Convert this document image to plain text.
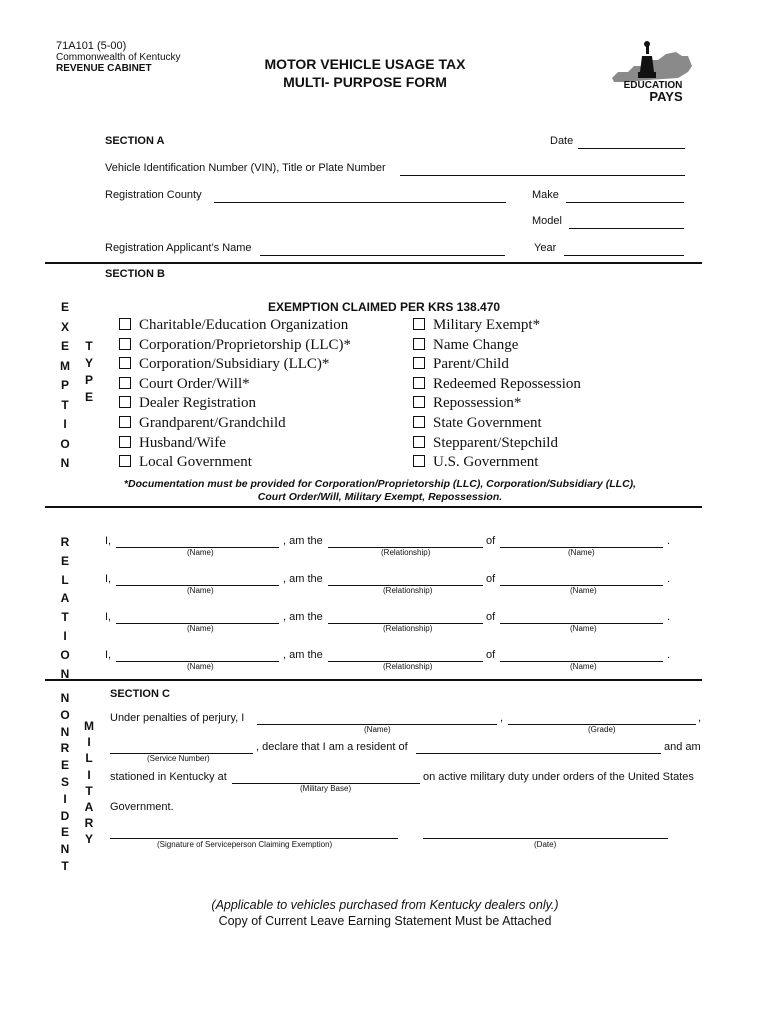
71A101 (5-00)
Commonwealth of Kentucky
REVENUE CABINET	MOTOR VEHICLE USAGE TAX
MULTI- PURPOSE FORM	EDUCATION
PAYS
SECTION A	Date
Vehicle Identification Number (VIN), Title or Plate Number
Registration County	Make
Model
Registration Applicant’s Name	Year
SECTION B
E
X
E
M
P
T
I
O
N
T
Y
P
E
EXEMPTION CLAIMED PER KRS 138.470
Charitable/Education Organization
Corporation/Proprietorship (LLC)*
Corporation/Subsidiary (LLC)*
Court Order/Will*
Dealer Registration
Grandparent/Grandchild
Husband/Wife
Local Government
Military Exempt*
Name Change
Parent/Child
Redeemed Repossession
Repossession*
State Government
Stepparent/Stepchild
U.S. Government
*Documentation must be provided for Corporation/Proprietorship (LLC), Corporation/Subsidiary (LLC),
Court Order/Will, Military Exempt, Repossession.
R
E
L
A
T
I
O
N
I,
(Name)
, am the
(Relationship)
of
(Name)
.
I,
(Name)
, am the
(Relationship)
of
(Name)
.
I,
(Name)
, am the
(Relationship)
of
(Name)
.
I,
(Name)
, am the
(Relationship)
of
(Name)
.
N
O
N
R
E
S
I
D
E
N
T
M
I
L
I
T
A
R
Y
SECTION C
Under penalties of perjury, I
(Name)
,
(Grade)
,
(Service Number)
, declare that I am a resident of	and am
stationed in Kentucky at
(Military Base)
on active military duty under orders of the United States
Government.
(Signature of Serviceperson Claiming Exemption)	(Date)
(Applicable to vehicles purchased from Kentucky dealers only.)
Copy of Current Leave Earning Statement Must be Attached
